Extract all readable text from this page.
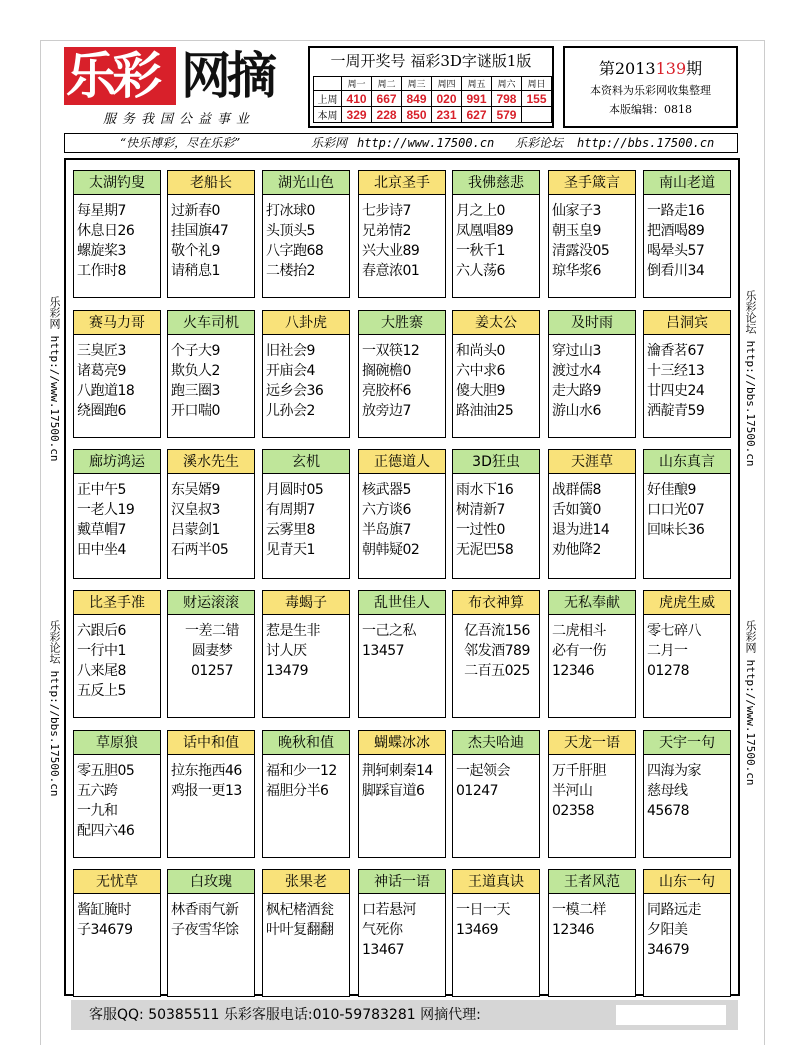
乐彩 网摘
服务我国公益事业
一周开奖号 福彩3D字谜版1版
	周一	周二	周三	周四	周五	周六	周日
上周	410	667	849	020	991	798	155
本周	329	228	850	231	627	579	
第2013139期
本资料为乐彩网收集整理
本版编辑：0818
“快乐博彩，尽在乐彩”	乐彩网 http://www.17500.cn 乐彩论坛 http://bbs.17500.cn
乐彩网 http://www.17500.cn
乐彩论坛 http://bbs.17500.cn
乐彩论坛 http://bbs.17500.cn
乐彩网 http://www.17500.cn
客服QQ: 50385511 乐彩客服电话:010-59783281 网摘代理:
太湖钓叟
每星期7
休息日26
螺旋桨3
工作时8
老船长
过新春0
挂国旗47
敬个礼9
请稍息1
湖光山色
打冰球0
头顶头5
八字跑68
二楼抬2
北京圣手
七步诗7
兄弟情2
兴大业89
春意浓01
我佛慈悲
月之上0
凤凰唱89
一秋千1
六人荡6
圣手箴言
仙家子3
朝玉皇9
清露没05
琼华浆6
南山老道
一路走16
把酒喝89
喝晕头57
倒看川34
赛马力哥
三臭匠3
诸葛亮9
八跑道18
绕圈跑6
火车司机
个子大9
欺负人2
跑三圈3
开口喘0
八卦虎
旧社会9
开庙会4
远乡会36
儿孙会2
大胜寨
一双筷12
搁碗檐0
亮胶杯6
放旁边7
姜太公
和尚头0
六中求6
傻大胆9
路油油25
及时雨
穿过山3
渡过水4
走大路9
游山水6
吕洞宾
瀹香茗67
十三经13
廿四史24
洒靛青59
廊坊鸿运
正中午5
一老人19
戴草帽7
田中坐4
溪水先生
东吴婿9
汉皇叔3
吕蒙剑1
石两半05
玄机
月圆时05
有周期7
云雾里8
见青天1
正德道人
核武器5
六方谈6
半岛旗7
朝韩疑02
3D狂虫
雨水下16
树清新7
一过性0
无泥巴58
天涯草
战群儒8
舌如簧0
退为进14
劝他降2
山东真言
好佳酿9
口口光07
回味长36
比圣手准
六跟后6
一行中1
八来尾8
五反上5
财运滚滚
一差二错
圆妻梦
01257
毒蝎子
惹是生非
讨人厌
13479
乱世佳人
一己之私
13457
布衣神算
亿吾流156
邻发酒789
二百五025
无私奉献
二虎相斗
必有一伤
12346
虎虎生威
零七碎八
二月一
01278
草原狼
零五胆05
五六跨
一九和
配四六46
话中和值
拉东拖西46
鸡报一更13
晚秋和值
福和少一12
福胆分半6
蝴蝶冰冰
荆轲刺秦14
脚踩盲道6
杰夫哈迪
一起领会
01247
天龙一语
万千肝胆
半河山
02358
天宇一句
四海为家
慈母线
45678
无忧草
酱缸腌时
子34679
白玫瑰
林香雨气新
子夜雪华馀
张果老
枫杞楮酒瓮
叶叶复翻翻
神话一语
口若悬河
气死你
13467
王道真诀
一日一天
13469
王者风范
一模二样
12346
山东一句
同路远走
夕阳美
34679
